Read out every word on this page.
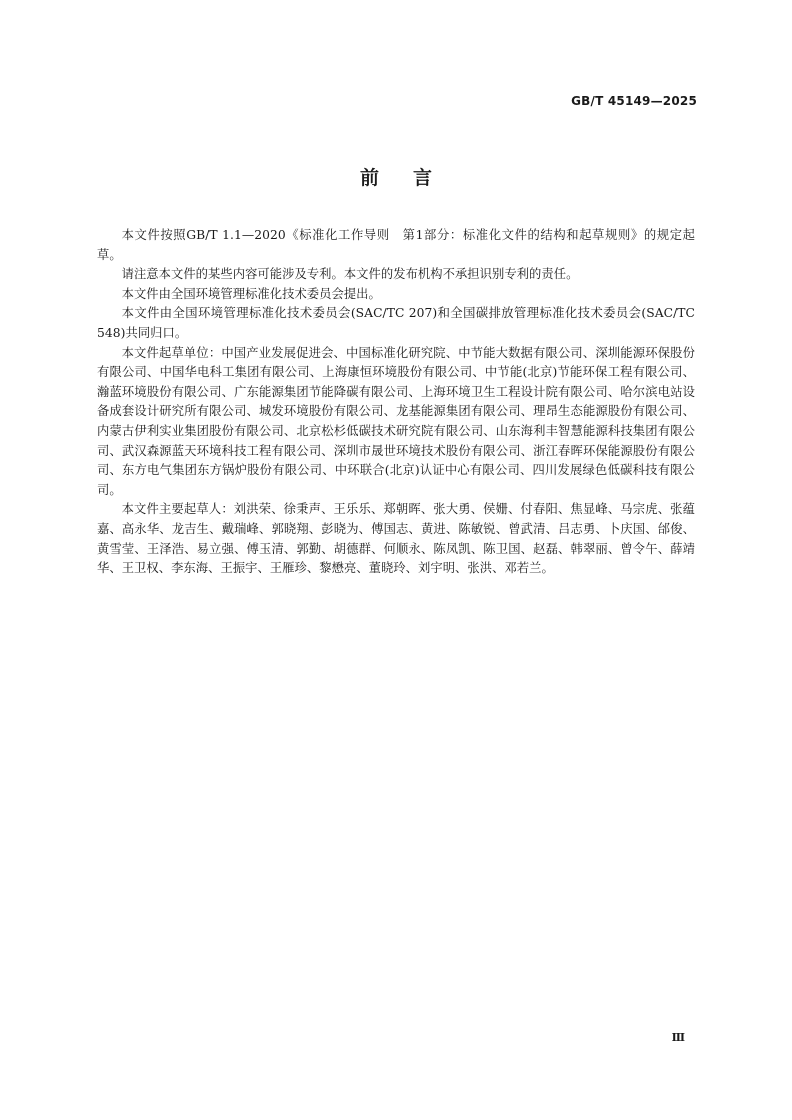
GB/T 45149—2025
前言

本文件按照GB/T 1.1—2020《标准化工作导则　第1部分：标准化文件的结构和起草规则》的规定起草。

请注意本文件的某些内容可能涉及专利。本文件的发布机构不承担识别专利的责任。

本文件由全国环境管理标准化技术委员会提出。

本文件由全国环境管理标准化技术委员会(SAC/TC 207)和全国碳排放管理标准化技术委员会(SAC/TC 548)共同归口。

本文件起草单位：中国产业发展促进会、中国标准化研究院、中节能大数据有限公司、深圳能源环保股份有限公司、中国华电科工集团有限公司、上海康恒环境股份有限公司、中节能(北京)节能环保工程有限公司、瀚蓝环境股份有限公司、广东能源集团节能降碳有限公司、上海环境卫生工程设计院有限公司、哈尔滨电站设备成套设计研究所有限公司、城发环境股份有限公司、龙基能源集团有限公司、理昂生态能源股份有限公司、内蒙古伊利实业集团股份有限公司、北京松杉低碳技术研究院有限公司、山东海利丰智慧能源科技集团有限公司、武汉森源蓝天环境科技工程有限公司、深圳市晟世环境技术股份有限公司、浙江春晖环保能源股份有限公司、东方电气集团东方锅炉股份有限公司、中环联合(北京)认证中心有限公司、四川发展绿色低碳科技有限公司。

本文件主要起草人：刘洪荣、徐秉声、王乐乐、郑朝晖、张大勇、侯姗、付春阳、焦显峰、马宗虎、张蕴嘉、高永华、龙吉生、戴瑞峰、郭晓翔、彭晓为、傅国志、黄进、陈敏锐、曾武清、吕志勇、卜庆国、邰俊、黄雪莹、王泽浩、易立强、傅玉清、郭勤、胡德群、何顺永、陈凤凯、陈卫国、赵磊、韩翠丽、曾令午、薛靖华、王卫权、李东海、王振宇、王雁珍、黎懋亮、董晓玲、刘宇明、张洪、邓若兰。

Ⅲ
